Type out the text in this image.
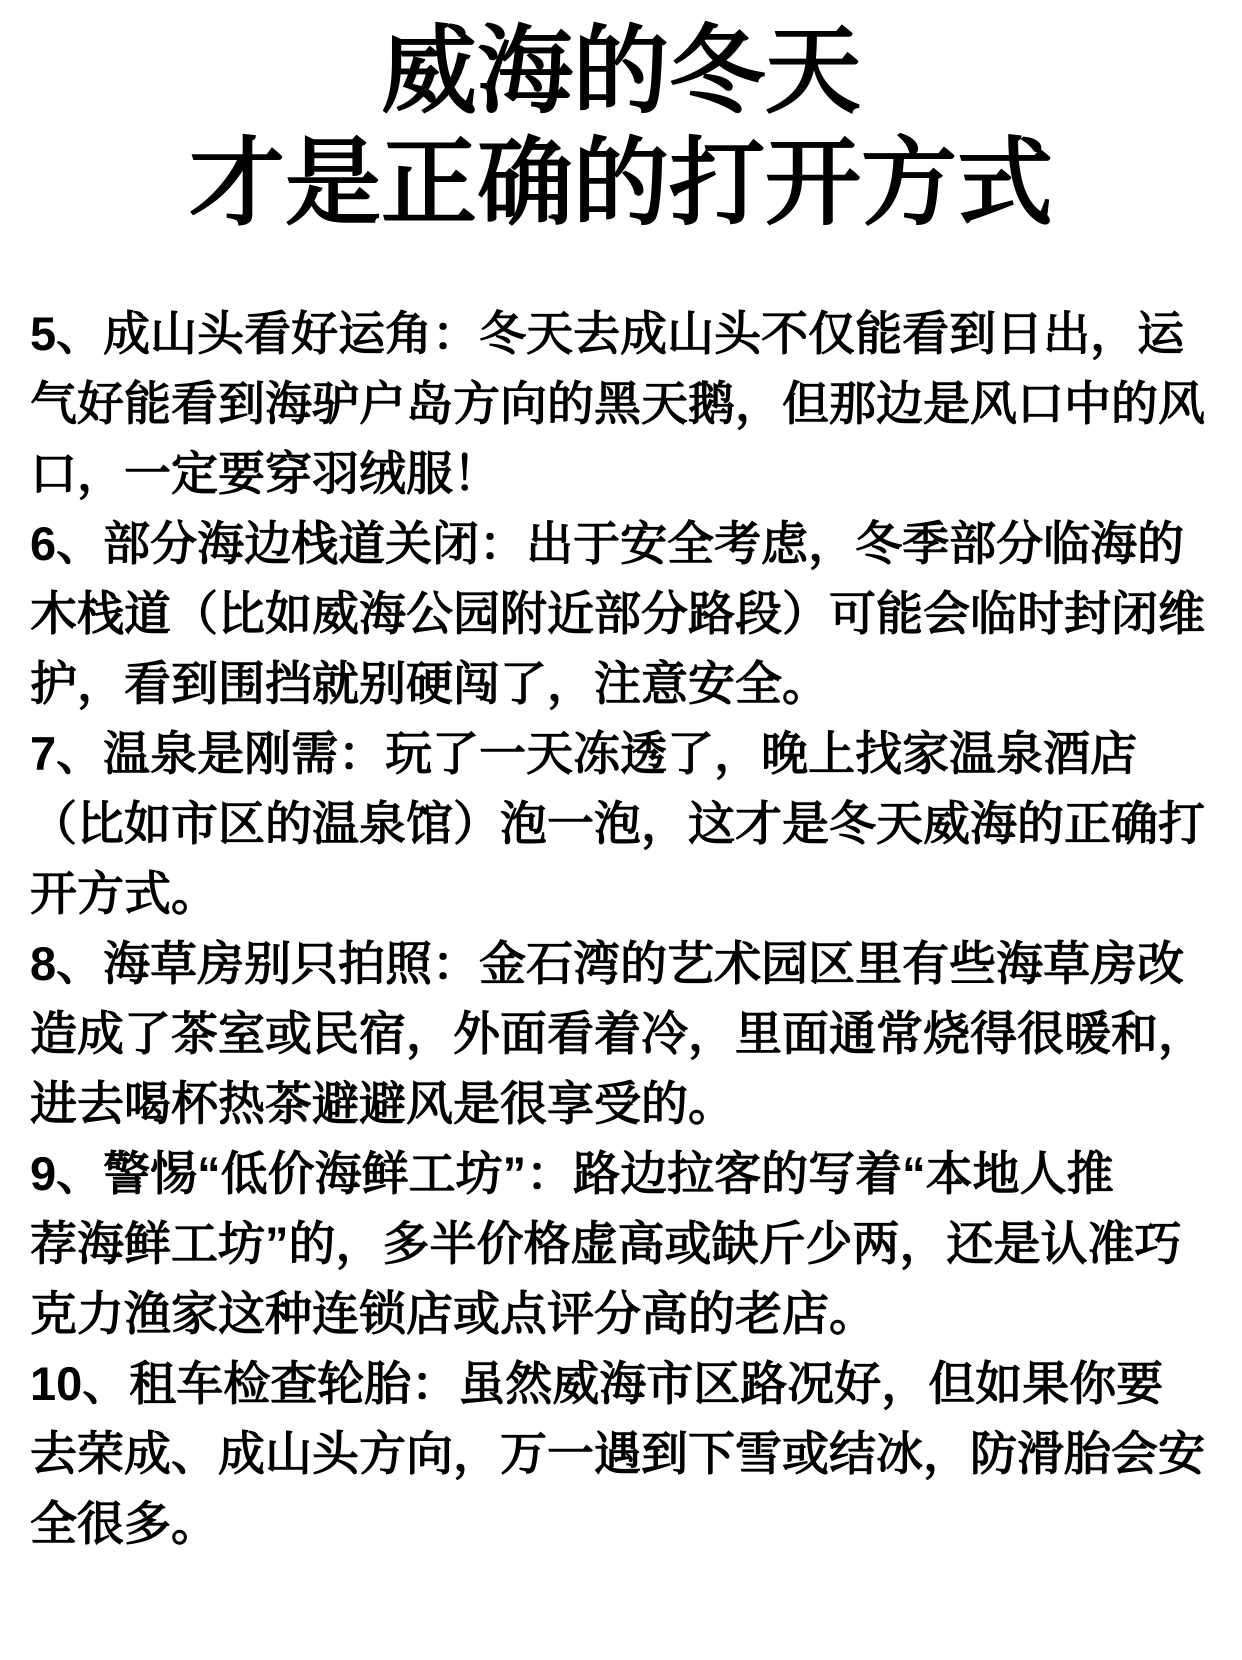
威海的冬天
才是正确的打开方式
5、成山头看好运角：冬天去成山头不仅能看到日出，运
气好能看到海驴户岛方向的黑天鹅，但那边是风口中的风
口，一定要穿羽绒服！
6、部分海边栈道关闭：出于安全考虑，冬季部分临海的
木栈道（比如威海公园附近部分路段）可能会临时封闭维
护，看到围挡就别硬闯了，注意安全。
7、温泉是刚需：玩了一天冻透了，晚上找家温泉酒店
（比如市区的温泉馆）泡一泡，这才是冬天威海的正确打
开方式。
8、海草房别只拍照：金石湾的艺术园区里有些海草房改
造成了茶室或民宿，外面看着冷，里面通常烧得很暖和，
进去喝杯热茶避避风是很享受的。
9、警惕“低价海鲜工坊”：路边拉客的写着“本地人推
荐海鲜工坊”的，多半价格虚高或缺斤少两，还是认准巧
克力渔家这种连锁店或点评分高的老店。
10、租车检查轮胎：虽然威海市区路况好，但如果你要
去荣成、成山头方向，万一遇到下雪或结冰，防滑胎会安
全很多。
